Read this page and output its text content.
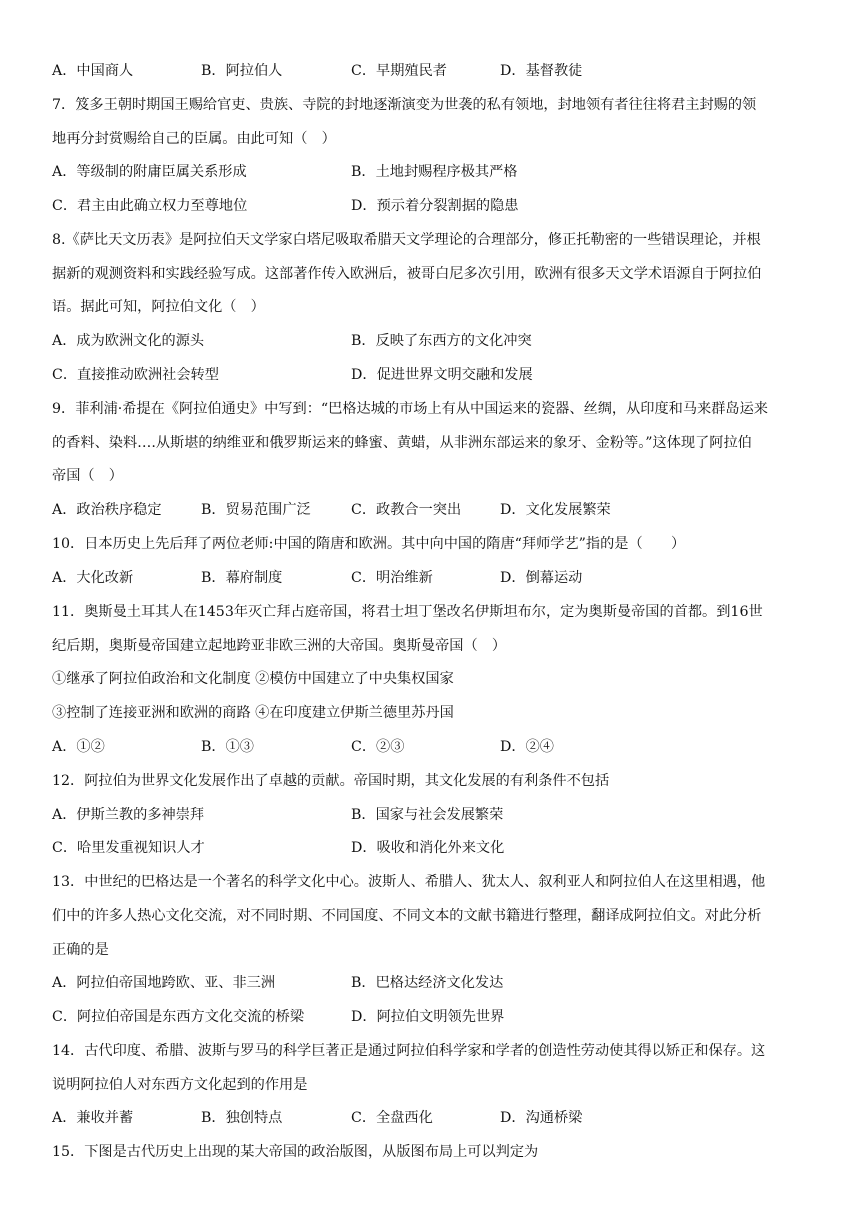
A．中国商人	B．阿拉伯人	C．早期殖民者	D．基督教徒
7．笈多王朝时期国王赐给官吏、贵族、寺院的封地逐渐演变为世袭的私有领地，封地领有者往往将君主封赐的领
地再分封赏赐给自己的臣属。由此可知（　）
A．等级制的附庸臣属关系形成	B．土地封赐程序极其严格
C．君主由此确立权力至尊地位	D．预示着分裂割据的隐患
8.《萨比天文历表》是阿拉伯天文学家白塔尼吸取希腊天文学理论的合理部分，修正托勒密的一些错误理论，并根
据新的观测资料和实践经验写成。这部著作传入欧洲后，被哥白尼多次引用，欧洲有很多天文学术语源自于阿拉伯
语。据此可知，阿拉伯文化（　）
A．成为欧洲文化的源头	B．反映了东西方的文化冲突
C．直接推动欧洲社会转型	D．促进世界文明交融和发展
9．菲利浦·希提在《阿拉伯通史》中写到：“巴格达城的市场上有从中国运来的瓷器、丝绸，从印度和马来群岛运来
的香料、染料….从斯堪的纳维亚和俄罗斯运来的蜂蜜、黄蜡，从非洲东部运来的象牙、金粉等。”这体现了阿拉伯
帝国（　）
A．政治秩序稳定	B．贸易范围广泛	C．政教合一突出	D．文化发展繁荣
10．日本历史上先后拜了两位老师:中国的隋唐和欧洲。其中向中国的隋唐“拜师学艺”指的是（　　）
A．大化改新	B．幕府制度	C．明治维新	D．倒幕运动
11．奥斯曼土耳其人在1453年灭亡拜占庭帝国，将君士坦丁堡改名伊斯坦布尔，定为奥斯曼帝国的首都。到16世
纪后期，奥斯曼帝国建立起地跨亚非欧三洲的大帝国。奥斯曼帝国（　）
①继承了阿拉伯政治和文化制度 ②模仿中国建立了中央集权国家
③控制了连接亚洲和欧洲的商路 ④在印度建立伊斯兰德里苏丹国
A．①②	B．①③	C．②③	D．②④
12．阿拉伯为世界文化发展作出了卓越的贡献。帝国时期，其文化发展的有利条件不包括
A．伊斯兰教的多神崇拜	B．国家与社会发展繁荣
C．哈里发重视知识人才	D．吸收和消化外来文化
13．中世纪的巴格达是一个著名的科学文化中心。波斯人、希腊人、犹太人、叙利亚人和阿拉伯人在这里相遇，他
们中的许多人热心文化交流，对不同时期、不同国度、不同文本的文献书籍进行整理，翻译成阿拉伯文。对此分析
正确的是
A．阿拉伯帝国地跨欧、亚、非三洲	B．巴格达经济文化发达
C．阿拉伯帝国是东西方文化交流的桥梁	D．阿拉伯文明领先世界
14．古代印度、希腊、波斯与罗马的科学巨著正是通过阿拉伯科学家和学者的创造性劳动使其得以矫正和保存。这
说明阿拉伯人对东西方文化起到的作用是
A．兼收并蓄	B．独创特点	C．全盘西化	D．沟通桥梁
15．下图是古代历史上出现的某大帝国的政治版图，从版图布局上可以判定为
